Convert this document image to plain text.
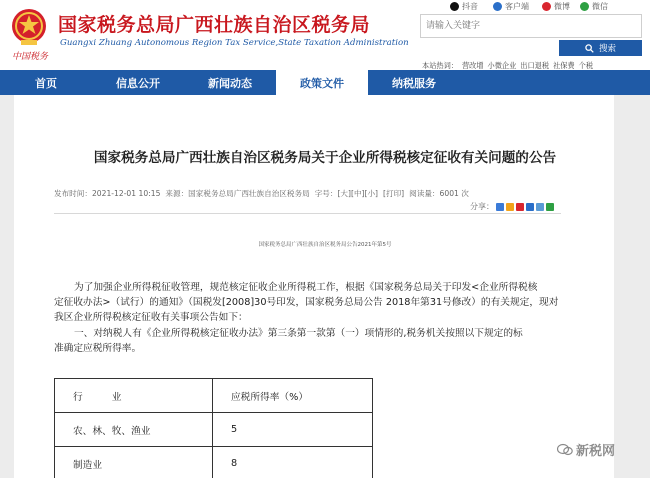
中国税务
国家税务总局广西壮族自治区税务局
Guangxi Zhuang Autonomous Region Tax Service,State Taxation Administration
抖音	客户端	微博	微信
请输入关键字
搜索
本站热词： 营改增 小微企业 出口退税 社保费 个税
首页	信息公开	新闻动态	政策文件	纳税服务
国家税务总局广西壮族自治区税务局关于企业所得税核定征收有关问题的公告
发布时间：2021-12-01 10:15 来源：国家税务总局广西壮族自治区税务局 字号：[大][中][小] [打印] 阅读量：6001 次
分享：
国家税务总局广西壮族自治区税务局公告2021年第5号

为了加强企业所得税征收管理，规范核定征收企业所得税工作，根据《国家税务总局关于印发<企业所得税核

定征收办法>（试行）的通知》（国税发[2008]30号印发，国家税务总局公告 2018年第31号修改）的有关规定，现对

我区企业所得税核定征收有关事项公告如下：

一、对纳税人有《企业所得税核定征收办法》第三条第一款第（一）项情形的,税务机关按照以下规定的标

准确定应税所得率。

行　　　业	应税所得率（%）
农、林、牧、渔业	5
制造业	8
新税网
